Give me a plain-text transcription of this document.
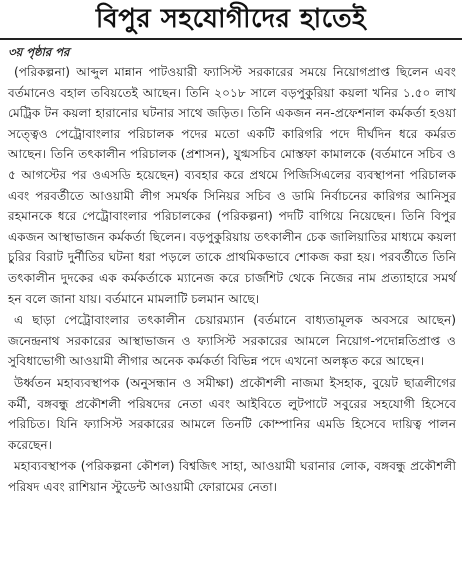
বিপুর সহযোগীদের হাতেই
৩য় পৃষ্ঠার পর

(পরিকল্পনা) আব্দুল মান্নান পাটওয়ারী ফ্যাসিস্ট সরকারের সময়ে নিয়োগপ্রাপ্ত ছিলেন এবং বর্তমানেও বহাল তবিয়তেই আছেন। তিনি ২০১৮ সালে বড়পুকুরিয়া কয়লা খনির ১.৫০ লাখ মেট্রিক টন কয়লা হারানোর ঘটনার সাথে জড়িত। তিনি একজন নন-প্রফেশনাল কর্মকর্তা হওয়া সত্ত্বেও পেট্রোবাংলার পরিচালক পদের মতো একটি কারিগরি পদে দীর্ঘদিন ধরে কর্মরত আছেন। তিনি তৎকালীন পরিচালক (প্রশাসন), যুগ্মসচিব মোস্তফা কামালকে (বর্তমানে সচিব ও ৫ আগস্টের পর ওএসডি হয়েছেন) ব্যবহার করে প্রথমে পিজিসিএলের ব্যবস্থাপনা পরিচালক এবং পরবর্তীতে আওয়ামী লীগ সমর্থক সিনিয়র সচিব ও ডামি নির্বাচনের কারিগর আনিসুর রহমানকে ধরে পেট্রোবাংলার পরিচালকের (পরিকল্পনা) পদটি বাগিয়ে নিয়েছেন। তিনি বিপুর একজন আস্থাভাজন কর্মকর্তা ছিলেন। বড়পুকুরিয়ায় তৎকালীন চেক জালিয়াতির মাধ্যমে কয়লা চুরির বিরাট দুর্নীতির ঘটনা ধরা পড়লে তাকে প্রাথমিকভাবে শোকজ করা হয়। পরবর্তীতে তিনি তৎকালীন দুদকের এক কর্মকর্তাকে ম্যানেজ করে চার্জশিট থেকে নিজের নাম প্রত্যাহারে সমর্থ হন বলে জানা যায়। বর্তমানে মামলাটি চলমান আছে।

এ ছাড়া পেট্রোবাংলার তৎকালীন চেয়ারম্যান (বর্তমানে বাধ্যতামূলক অবসরে আছেন) জনেন্দ্রনাথ সরকারের আস্থাভাজন ও ফ্যাসিস্ট সরকারের আমলে নিয়োগ-পদোন্নতিপ্রাপ্ত ও সুবিধাভোগী আওয়ামী লীগার অনেক কর্মকর্তা বিভিন্ন পদে এখনো অলঙ্কৃত করে আছেন।

উর্ধ্বতন মহাব্যবস্থাপক (অনুসন্ধান ও সমীক্ষা) প্রকৌশলী নাজমা ইসহাক, বুয়েট ছাত্রলীগের কর্মী, বঙ্গবন্ধু প্রকৌশলী পরিষদের নেতা এবং আইবিতে লুটপাটে সবুরের সহযোগী হিসেবে পরিচিত। যিনি ফ্যাসিস্ট সরকারের আমলে তিনটি কোম্পানির এমডি হিসেবে দায়িত্ব পালন করেছেন।

মহাব্যবস্থাপক (পরিকল্পনা কৌশল) বিশ্বজিৎ সাহা, আওয়ামী ঘরানার লোক, বঙ্গবন্ধু প্রকৌশলী পরিষদ এবং রাশিয়ান স্টুডেন্ট আওয়ামী ফোরামের নেতা।
